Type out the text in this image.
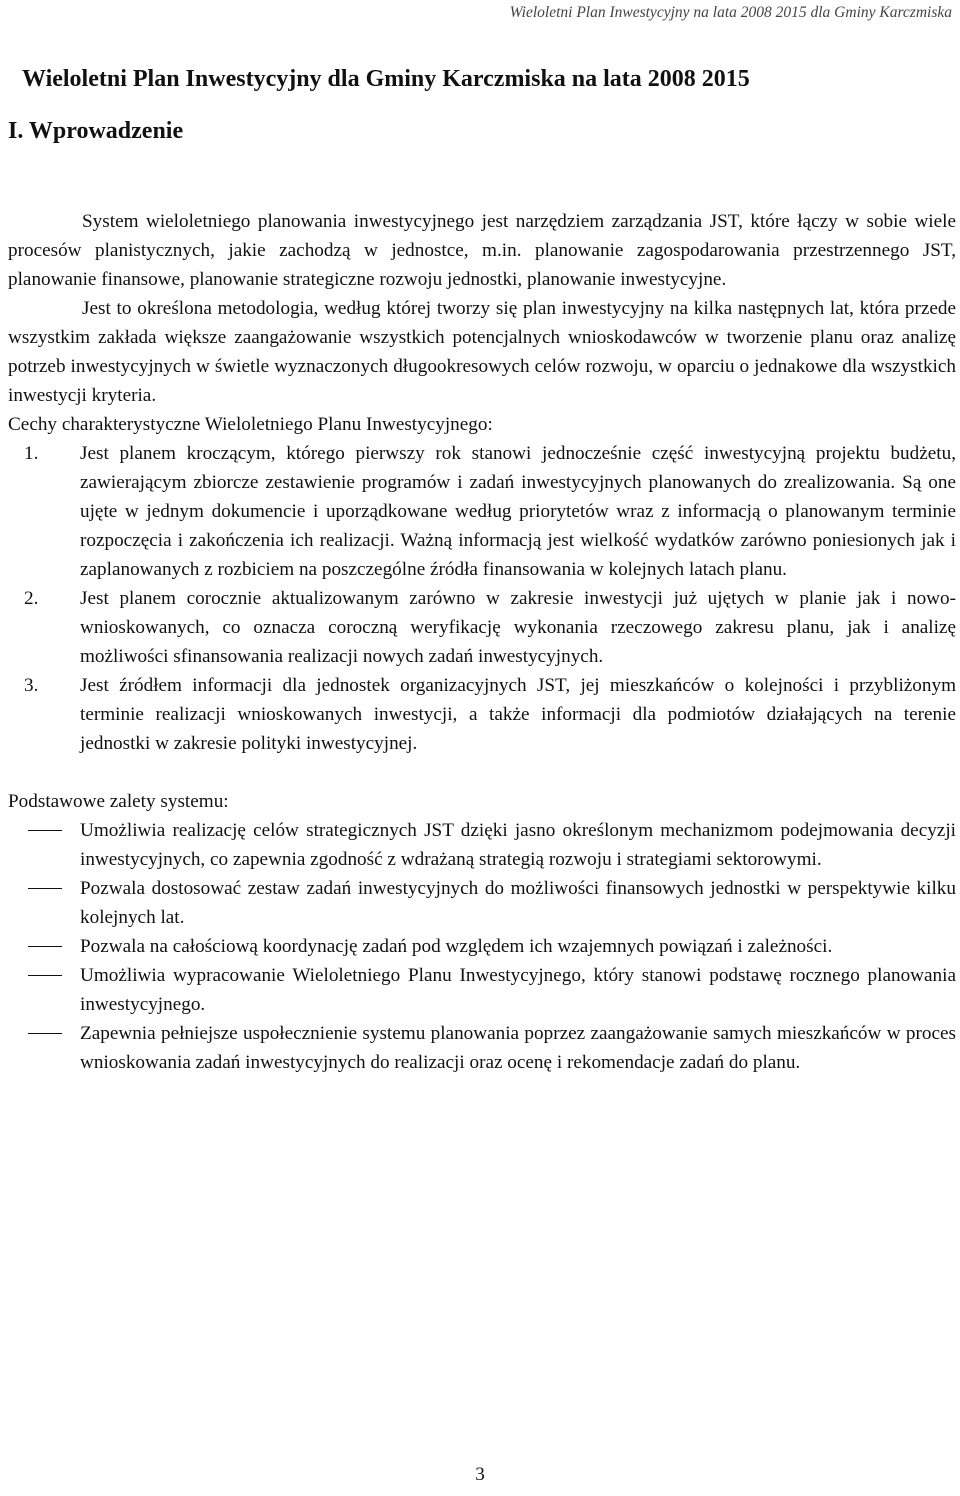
Wieloletni Plan Inwestycyjny na lata 2008 2015 dla Gminy Karczmiska
Wieloletni Plan Inwestycyjny dla Gminy Karczmiska na lata 2008 2015
I. Wprowadzenie

System wieloletniego planowania inwestycyjnego jest narzędziem zarządzania JST, które łączy w sobie wiele procesów planistycznych, jakie zachodzą w jednostce, m.in. planowanie zagospodarowania przestrzennego JST, planowanie finansowe, planowanie strategiczne rozwoju jednostki, planowanie inwestycyjne.

Jest to określona metodologia, według której tworzy się plan inwestycyjny na kilka następnych lat, która przede wszystkim zakłada większe zaangażowanie wszystkich potencjalnych wnioskodawców w tworzenie planu oraz analizę potrzeb inwestycyjnych w świetle wyznaczonych długookresowych celów rozwoju, w oparciu o jednakowe dla wszystkich inwestycji kryteria.

Cechy charakterystyczne Wieloletniego Planu Inwestycyjnego:

1. Jest planem kroczącym, którego pierwszy rok stanowi jednocześnie część inwestycyjną projektu budżetu, zawierającym zbiorcze zestawienie programów i zadań inwestycyjnych planowanych do zrealizowania. Są one ujęte w jednym dokumencie i uporządkowane według priorytetów wraz z informacją o planowanym terminie rozpoczęcia i zakończenia ich realizacji. Ważną informacją jest wielkość wydatków zarówno poniesionych jak i zaplanowanych z rozbiciem na poszczególne źródła finansowania w kolejnych latach planu.
2. Jest planem corocznie aktualizowanym zarówno w zakresie inwestycji już ujętych w planie jak i nowo-wnioskowanych, co oznacza coroczną weryfikację wykonania rzeczowego zakresu planu, jak i analizę możliwości sfinansowania realizacji nowych zadań inwestycyjnych.
3. Jest źródłem informacji dla jednostek organizacyjnych JST, jej mieszkańców o kolejności i przybliżonym terminie realizacji wnioskowanych inwestycji, a także informacji dla podmiotów działających na terenie jednostki w zakresie polityki inwestycyjnej.

Podstawowe zalety systemu:

Umożliwia realizację celów strategicznych JST dzięki jasno określonym mechanizmom podejmowania decyzji inwestycyjnych, co zapewnia zgodność z wdrażaną strategią rozwoju i strategiami sektorowymi.
Pozwala dostosować zestaw zadań inwestycyjnych do możliwości finansowych jednostki w perspektywie kilku kolejnych lat.
Pozwala na całościową koordynację zadań pod względem ich wzajemnych powiązań i zależności.
Umożliwia wypracowanie Wieloletniego Planu Inwestycyjnego, który stanowi podstawę rocznego planowania inwestycyjnego.
Zapewnia pełniejsze uspołecznienie systemu planowania poprzez zaangażowanie samych mieszkańców w proces wnioskowania zadań inwestycyjnych do realizacji oraz ocenę i rekomendacje zadań do planu.
3
